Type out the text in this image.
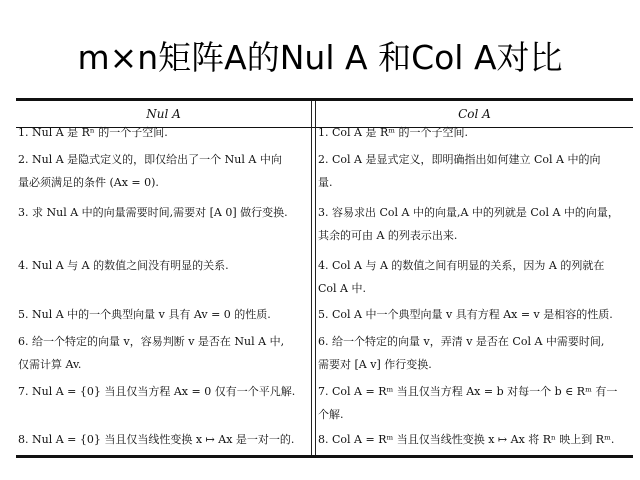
m×n矩阵A的Nul A 和Col A对比
Nul A	Col A
1. Nul A 是 Rⁿ 的一个子空间.
2. Nul A 是隐式定义的，即仅给出了一个 Nul A 中向
量必须满足的条件 (Ax = 0).
3. 求 Nul A 中的向量需要时间,需要对 [A 0] 做行变换.
4. Nul A 与 A 的数值之间没有明显的关系.
5. Nul A 中的一个典型向量 v 具有 Av = 0 的性质.
6. 给一个特定的向量 v，容易判断 v 是否在 Nul A 中,
仅需计算 Av.
7. Nul A = {0} 当且仅当方程 Ax = 0 仅有一个平凡解.
8. Nul A = {0} 当且仅当线性变换 x ↦ Ax 是一对一的.
1. Col A 是 Rᵐ 的一个子空间.
2. Col A 是显式定义，即明确指出如何建立 Col A 中的向
量.
3. 容易求出 Col A 中的向量,A 中的列就是 Col A 中的向量，
其余的可由 A 的列表示出来.
4. Col A 与 A 的数值之间有明显的关系，因为 A 的列就在
Col A 中.
5. Col A 中一个典型向量 v 具有方程 Ax = v 是相容的性质.
6. 给一个特定的向量 v，弄清 v 是否在 Col A 中需要时间,
需要对 [A v] 作行变换.
7. Col A = Rᵐ 当且仅当方程 Ax = b 对每一个 b ∈ Rᵐ 有一
个解.
8. Col A = Rᵐ 当且仅当线性变换 x ↦ Ax 将 Rⁿ 映上到 Rᵐ.
